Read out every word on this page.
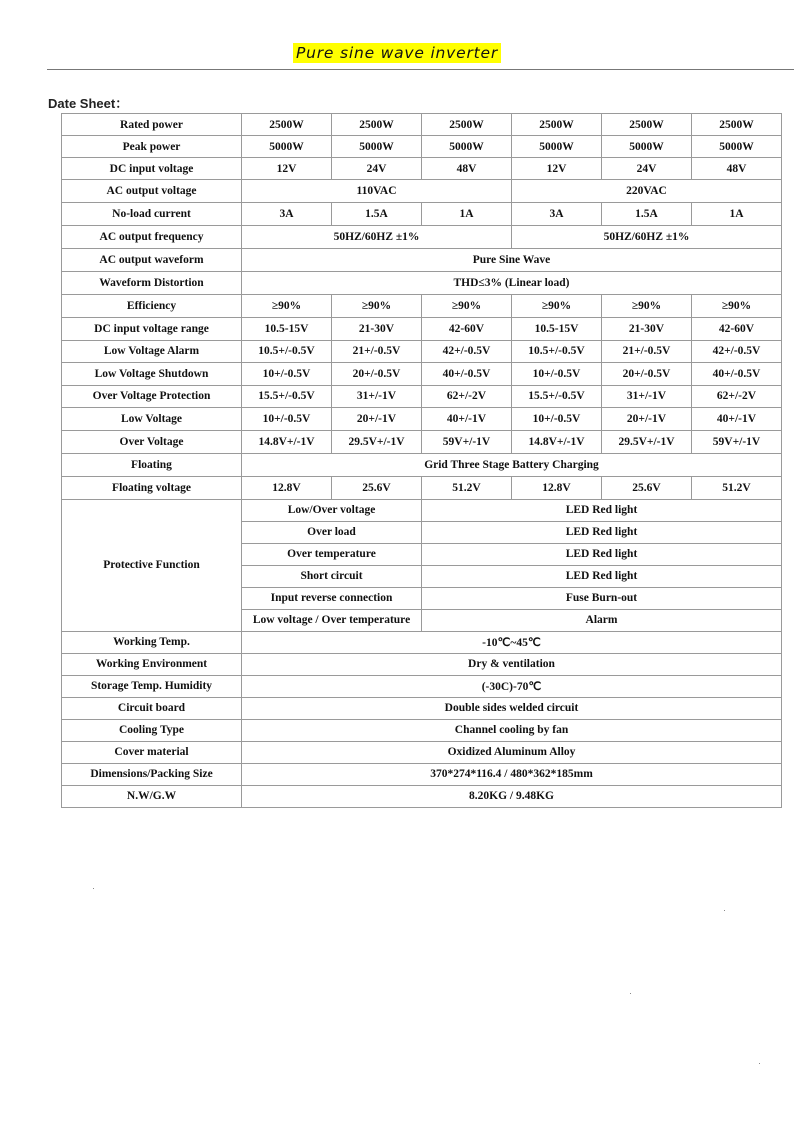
Pure sine wave inverter
Date Sheet：
Rated power	2500W	2500W	2500W	2500W	2500W	2500W
Peak power	5000W	5000W	5000W	5000W	5000W	5000W
DC input voltage	12V	24V	48V	12V	24V	48V
AC output voltage	110VAC			220VAC		
No-load current	3A	1.5A	1A	3A	1.5A	1A
AC output frequency	50HZ/60HZ ±1%			50HZ/60HZ ±1%		
AC output waveform	Pure Sine Wave					
Waveform Distortion	THD≤3% (Linear load)					
Efficiency	≥90%	≥90%	≥90%	≥90%	≥90%	≥90%
DC input voltage range	10.5-15V	21-30V	42-60V	10.5-15V	21-30V	42-60V
Low Voltage Alarm	10.5+/-0.5V	21+/-0.5V	42+/-0.5V	10.5+/-0.5V	21+/-0.5V	42+/-0.5V
Low Voltage Shutdown	10+/-0.5V	20+/-0.5V	40+/-0.5V	10+/-0.5V	20+/-0.5V	40+/-0.5V
Over Voltage Protection	15.5+/-0.5V	31+/-1V	62+/-2V	15.5+/-0.5V	31+/-1V	62+/-2V
Low Voltage	10+/-0.5V	20+/-1V	40+/-1V	10+/-0.5V	20+/-1V	40+/-1V
Over Voltage	14.8V+/-1V	29.5V+/-1V	59V+/-1V	14.8V+/-1V	29.5V+/-1V	59V+/-1V
Floating	Grid Three Stage Battery Charging					
Floating voltage	12.8V	25.6V	51.2V	12.8V	25.6V	51.2V
Protective Function	Low/Over voltage		LED Red light			
	Over load		LED Red light			
	Over temperature		LED Red light			
	Short circuit		LED Red light			
	Input reverse connection		Fuse Burn-out			
	Low voltage / Over temperature		Alarm			
Working Temp.	-10℃~45℃					
Working Environment	Dry & ventilation					
Storage Temp. Humidity	(-30C)-70℃					
Circuit board	Double sides welded circuit					
Cooling Type	Channel cooling by fan					
Cover material	Oxidized Aluminum Alloy					
Dimensions/Packing Size	370*274*116.4 / 480*362*185mm					
N.W/G.W	8.20KG / 9.48KG					
